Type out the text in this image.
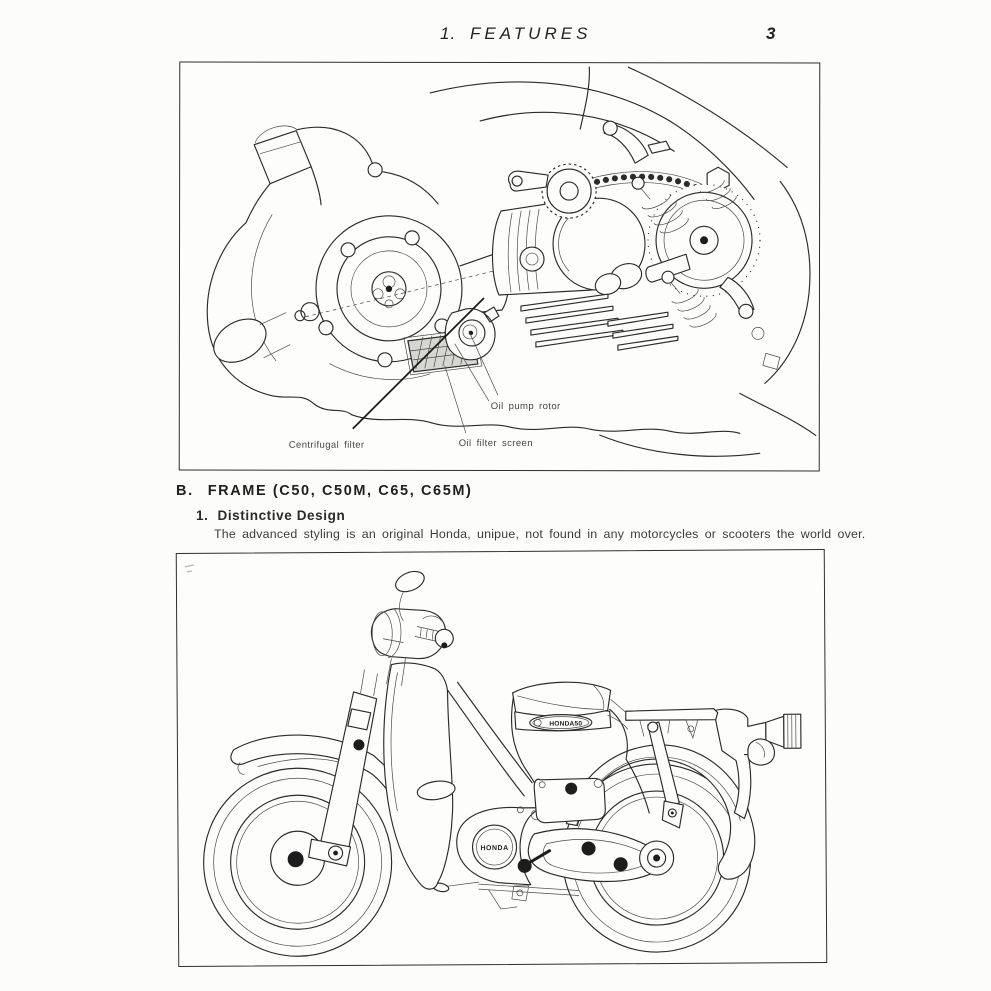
1. FEATURES	3
Oil pump rotor
Centrifugal filter	Oil filter screen
B. FRAME (C50, C50M, C65, C65M)
1. Distinctive Design
The advanced styling is an original Honda, unipue, not found in any motorcycles or scooters the world over.
HONDA
HONDA50
